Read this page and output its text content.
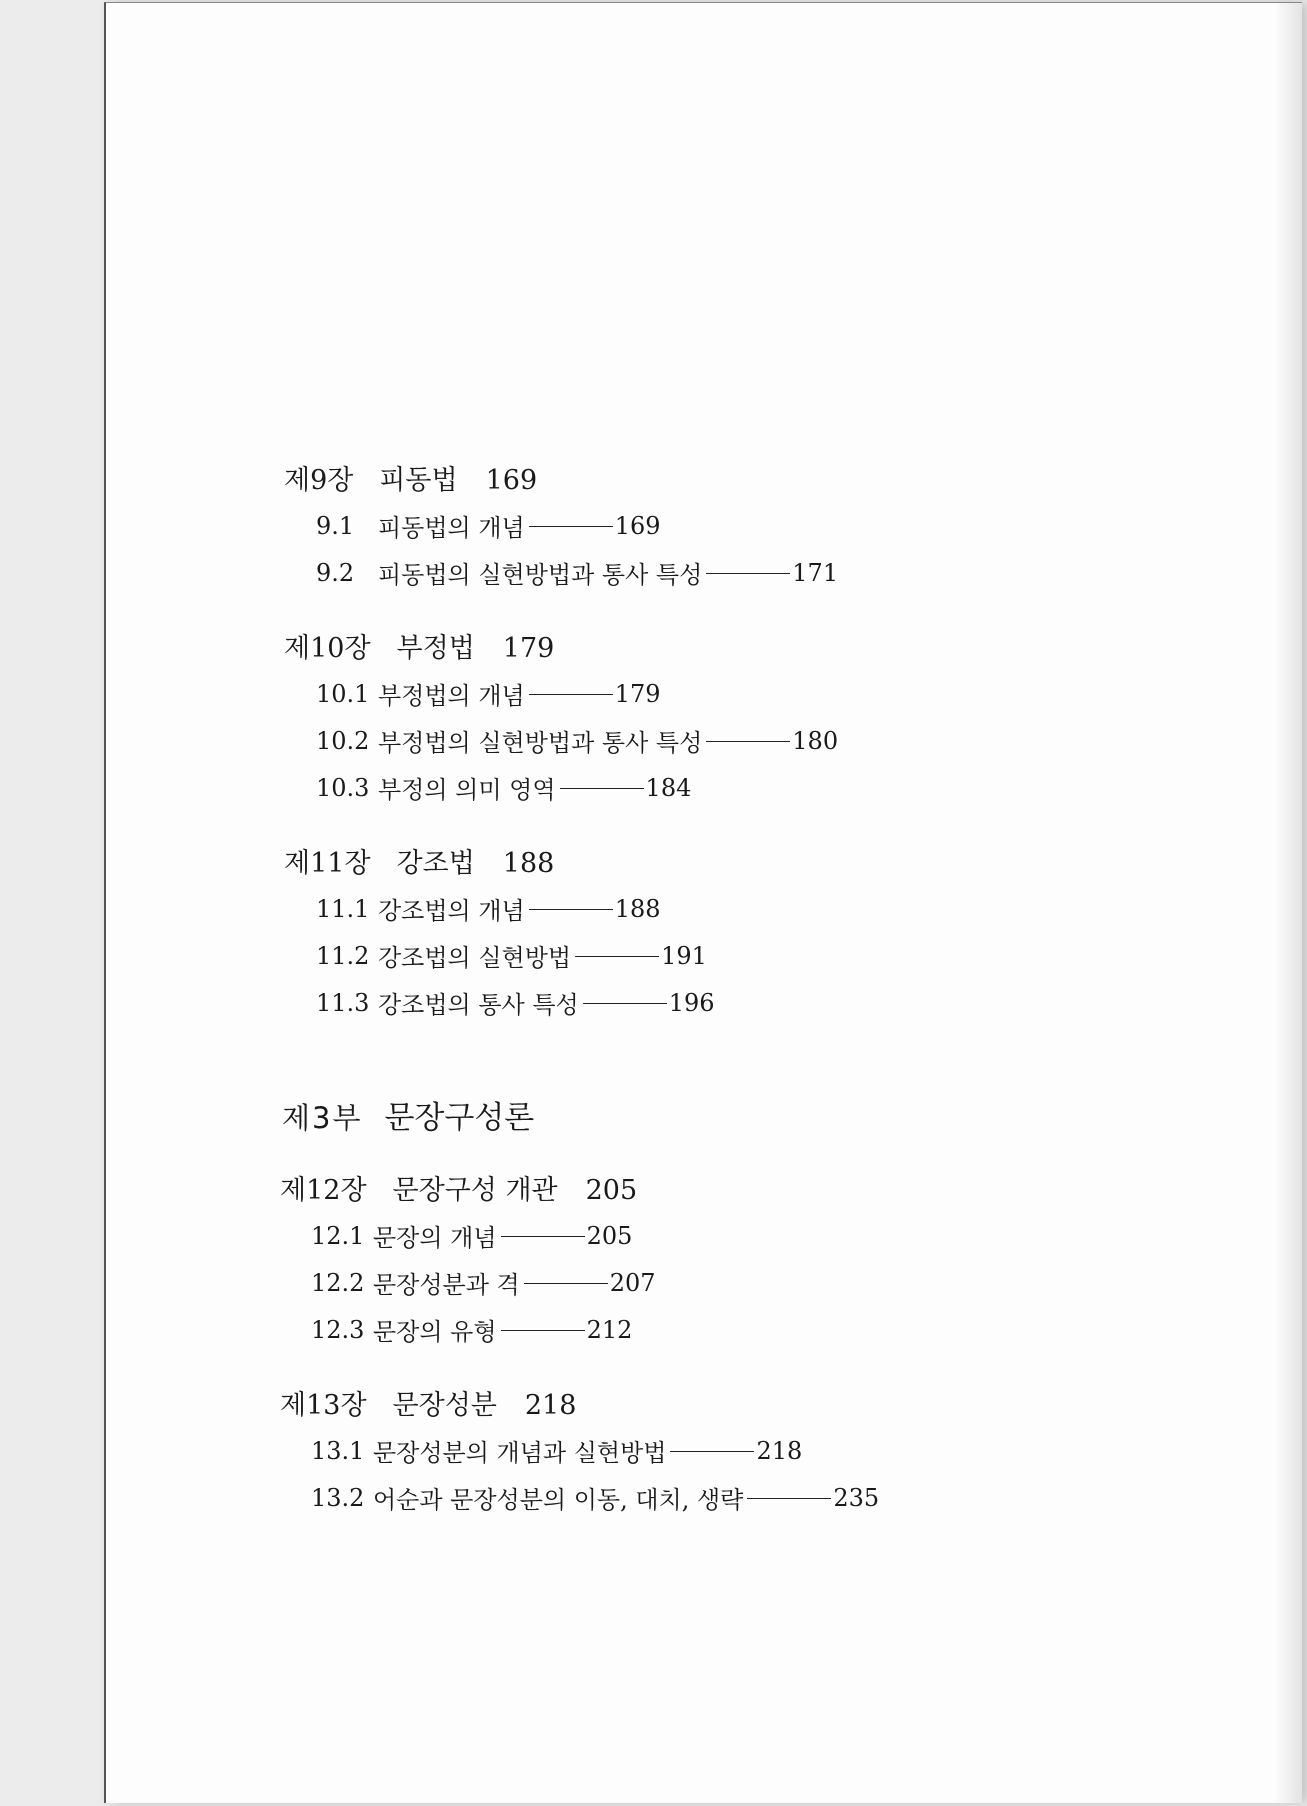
제9장 피동법 169
9.1 피동법의 개념	169
9.2 피동법의 실현방법과 통사 특성	171
제10장 부정법 179
10.1 부정법의 개념	179
10.2 부정법의 실현방법과 통사 특성	180
10.3 부정의 의미 영역	184
제11장 강조법 188
11.1 강조법의 개념	188
11.2 강조법의 실현방법	191
11.3 강조법의 통사 특성	196
제3부 문장구성론
제12장 문장구성 개관 205
12.1 문장의 개념	205
12.2 문장성분과 격	207
12.3 문장의 유형	212
제13장 문장성분 218
13.1 문장성분의 개념과 실현방법	218
13.2 어순과 문장성분의 이동, 대치, 생략	235
